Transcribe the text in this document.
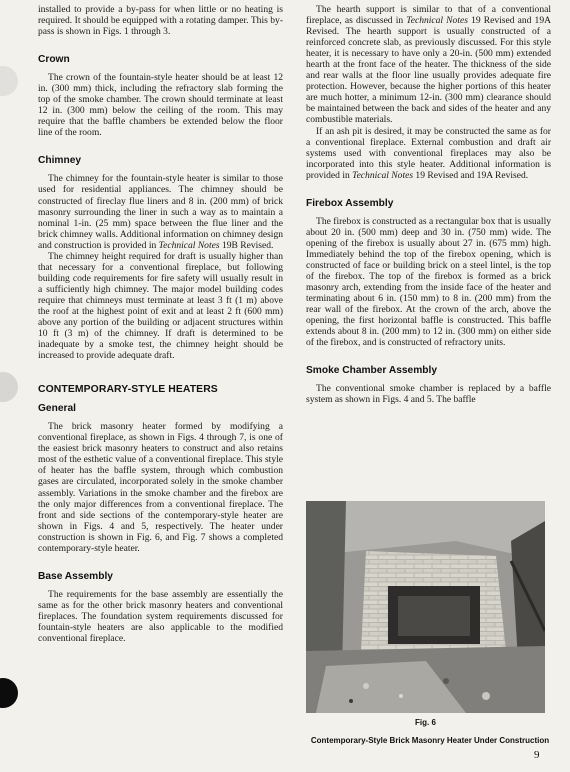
installed to provide a by-pass for when little or no heating is required. It should be equipped with a rotating damper. This by-pass is shown in Figs. 1 through 3.

Crown

The crown of the fountain-style heater should be at least 12 in. (300 mm) thick, including the refractory slab forming the top of the smoke chamber. The crown should terminate at least 12 in. (300 mm) below the ceiling of the room. This may require that the baffle chambers be extended below the floor line of the room.

Chimney

The chimney for the fountain-style heater is similar to those used for residential appliances. The chimney should be constructed of fireclay flue liners and 8 in. (200 mm) of brick masonry surrounding the liner in such a way as to maintain a nominal 1-in. (25 mm) space between the flue liner and the brick chimney walls. Additional information on chimney design and construction is provided in Technical Notes 19B Revised.

The chimney height required for draft is usually higher than that necessary for a conventional fireplace, but following building code requirements for fire safety will usually result in a sufficiently high chimney. The major model building codes require that chimneys must terminate at least 3 ft (1 m) above the roof at the highest point of exit and at least 2 ft (600 mm) above any portion of the building or adjacent structures within 10 ft (3 m) of the chimney. If draft is determined to be inadequate by a smoke test, the chimney height should be increased to provide adequate draft.

CONTEMPORARY-STYLE HEATERS
General

The brick masonry heater formed by modifying a conventional fireplace, as shown in Figs. 4 through 7, is one of the easiest brick masonry heaters to construct and also retains most of the esthetic value of a conventional fireplace. This style of heater has the baffle system, through which combustion gases are circulated, incorporated solely in the smoke chamber assembly. Variations in the smoke chamber and the firebox are the only major differences from a conventional fireplace. The front and side sections of the contemporary-style heater are shown in Figs. 4 and 5, respectively. The heater under construction is shown in Fig. 6, and Fig. 7 shows a completed contemporary-style heater.

Base Assembly

The requirements for the base assembly are essentially the same as for the other brick masonry heaters and conventional fireplaces. The foundation system requirements discussed for fountain-style heaters are also applicable to the modified conventional fireplace.

The hearth support is similar to that of a conventional fireplace, as discussed in Technical Notes 19 Revised and 19A Revised. The hearth support is usually constructed of a reinforced concrete slab, as previously discussed. For this style heater, it is necessary to have only a 20-in. (500 mm) extended hearth at the front face of the heater. The thickness of the side and rear walls at the floor line usually provides adequate fire protection. However, because the higher portions of this heater are much hotter, a minimum 12-in. (300 mm) clearance should be maintained between the back and sides of the heater and any combustible materials.

If an ash pit is desired, it may be constructed the same as for a conventional fireplace. External combustion and draft air systems used with conventional fireplaces may also be incorporated into this style heater. Additional information is provided in Technical Notes 19 Revised and 19A Revised.

Firebox Assembly

The firebox is constructed as a rectangular box that is usually about 20 in. (500 mm) deep and 30 in. (750 mm) wide. The opening of the firebox is usually about 27 in. (675 mm) high. Immediately behind the top of the firebox opening, which is constructed of face or building brick on a steel lintel, is the top of the firebox. The top of the firebox is formed as a brick masonry arch, extending from the inside face of the heater and terminating about 6 in. (150 mm) to 8 in. (200 mm) from the rear wall of the firebox. At the crown of the arch, above the opening, the first horizontal baffle is constructed. This baffle extends about 8 in. (200 mm) to 12 in. (300 mm) on either side of the firebox, and is constructed of refractory units.

Smoke Chamber Assembly

The conventional smoke chamber is replaced by a baffle system as shown in Figs. 4 and 5. The baffle

Fig. 6
Contemporary-Style Brick Masonry Heater Under Construction
9
